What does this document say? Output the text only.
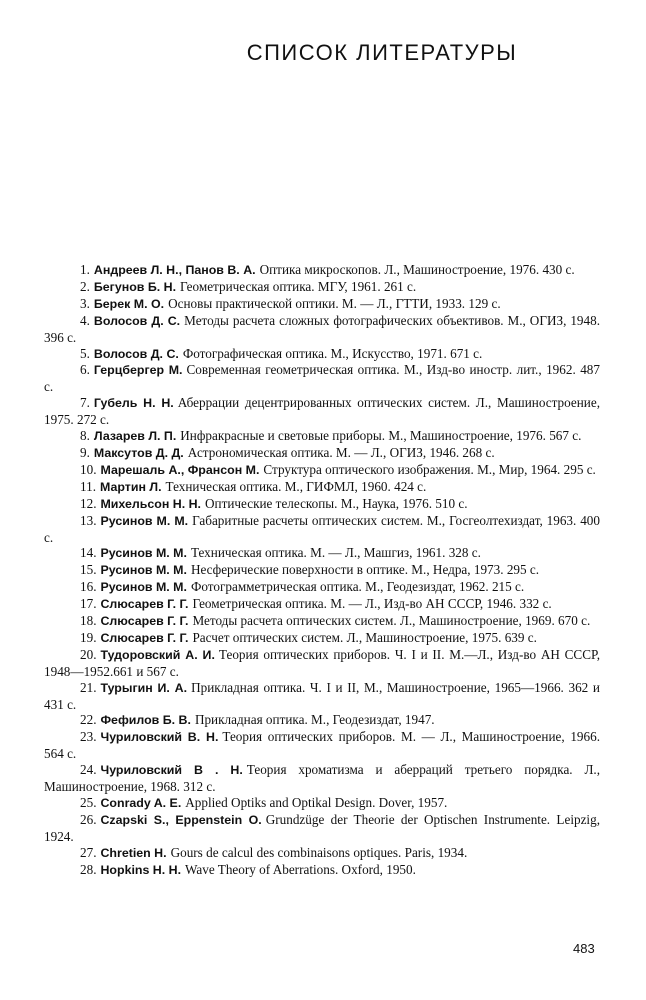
СПИСОК ЛИТЕРАТУРЫ
1. Андреев Л. Н., Панов В. А. Оптика микроскопов. Л., Машиностроение, 1976. 430 с.
2. Бегунов Б. Н. Геометрическая оптика. МГУ, 1961. 261 с.
3. Берек М. О. Основы практической оптики. М. — Л., ГТТИ, 1933. 129 с.
4. Волосов Д. С. Методы расчета сложных фотографических объективов. М., ОГИЗ, 1948. 396 с.
5. Волосов Д. С. Фотографическая оптика. М., Искусство, 1971. 671 с.
6. Герцбергер М. Современная геометрическая оптика. М., Изд-во иностр. лит., 1962. 487 с.
7. Губель Н. Н. Аберрации децентрированных оптических систем. Л., Машиностроение, 1975. 272 с.
8. Лазарев Л. П. Инфракрасные и световые приборы. М., Машиностроение, 1976. 567 с.
9. Максутов Д. Д. Астрономическая оптика. М. — Л., ОГИЗ, 1946. 268 с.
10. Марешаль А., Франсон М. Структура оптического изображения. М., Мир, 1964. 295 с.
11. Мартин Л. Техническая оптика. М., ГИФМЛ, 1960. 424 с.
12. Михельсон Н. Н. Оптические телескопы. М., Наука, 1976. 510 с.
13. Русинов М. М. Габаритные расчеты оптических систем. М., Госгеолтехиздат, 1963. 400 с.
14. Русинов М. М. Техническая оптика. М. — Л., Машгиз, 1961. 328 с.
15. Русинов М. М. Несферические поверхности в оптике. М., Недра, 1973. 295 с.
16. Русинов М. М. Фотограмметрическая оптика. М., Геодезиздат, 1962. 215 с.
17. Слюсарев Г. Г. Геометрическая оптика. М. — Л., Изд-во АН СССР, 1946. 332 с.
18. Слюсарев Г. Г. Методы расчета оптических систем. Л., Машиностроение, 1969. 670 с.
19. Слюсарев Г. Г. Расчет оптических систем. Л., Машиностроение, 1975. 639 с.
20. Тудоровский А. И. Теория оптических приборов. Ч. I и II. М.—Л., Изд-во АН СССР, 1948—1952.661 и 567 с.
21. Турыгин И. А. Прикладная оптика. Ч. I и II, М., Машиностроение, 1965—1966. 362 и 431 с.
22. Фефилов Б. В. Прикладная оптика. М., Геодезиздат, 1947.
23. Чуриловский В. Н. Теория оптических приборов. М. — Л., Машиностроение, 1966. 564 с.
24. Чуриловский В . Н. Теория хроматизма и аберраций третьего порядка. Л., Машиностроение, 1968. 312 с.
25. Conrady A. E. Applied Optiks and Optikal Design. Dover, 1957.
26. Czapski S., Eppenstein O. Grundzüge der Theorie der Optischen Instrumente. Leipzig, 1924.
27. Chretien H. Gours de calcul des combinaisons optiques. Paris, 1934.
28. Hopkins H. H. Wave Theory of Aberrations. Oxford, 1950.
483
